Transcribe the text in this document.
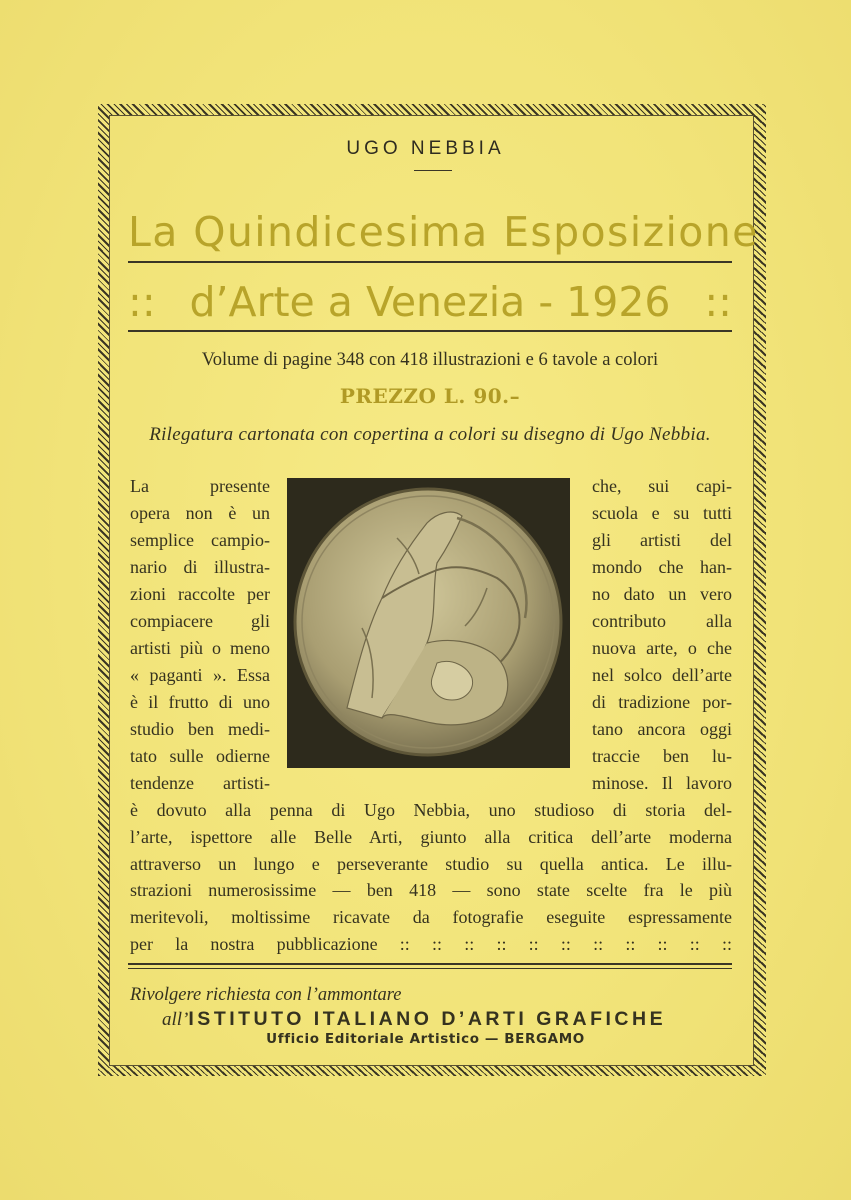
UGO NEBBIA
La Quindicesima Esposizione
:: d’Arte a Venezia - 1926 ::
Volume di pagine 348 con 418 illustrazioni e 6 tavole a colori
PREZZO L. 90.–
Rilegatura cartonata con copertina a colori su disegno di Ugo Nebbia.
La presente
opera non è un
semplice campio-
nario di illustra-
zioni raccolte per
compiacere gli
artisti più o meno
« paganti ». Essa
è il frutto di uno
studio ben medi-
tato sulle odierne
tendenze artisti-
che, sui capi-
scuola e su tutti
gli artisti del
mondo che han-
no dato un vero
contributo alla
nuova arte, o che
nel solco dell’arte
di tradizione por-
tano ancora oggi
traccie ben lu-
minose. Il lavoro
è dovuto alla penna di Ugo Nebbia, uno studioso di storia del-
l’arte, ispettore alle Belle Arti, giunto alla critica dell’arte moderna
attraverso un lungo e perseverante studio su quella antica. Le illu-
strazioni numerosissime — ben 418 — sono state scelte fra le più
meritevoli, moltissime ricavate da fotografie eseguite espressamente
per la nostra pubblicazione :: :: :: :: :: :: :: :: :: :: ::
Rivolgere richiesta con l’ammontare
all’ISTITUTO ITALIANO D’ARTI GRAFICHE
Ufficio Editoriale Artistico — BERGAMO
